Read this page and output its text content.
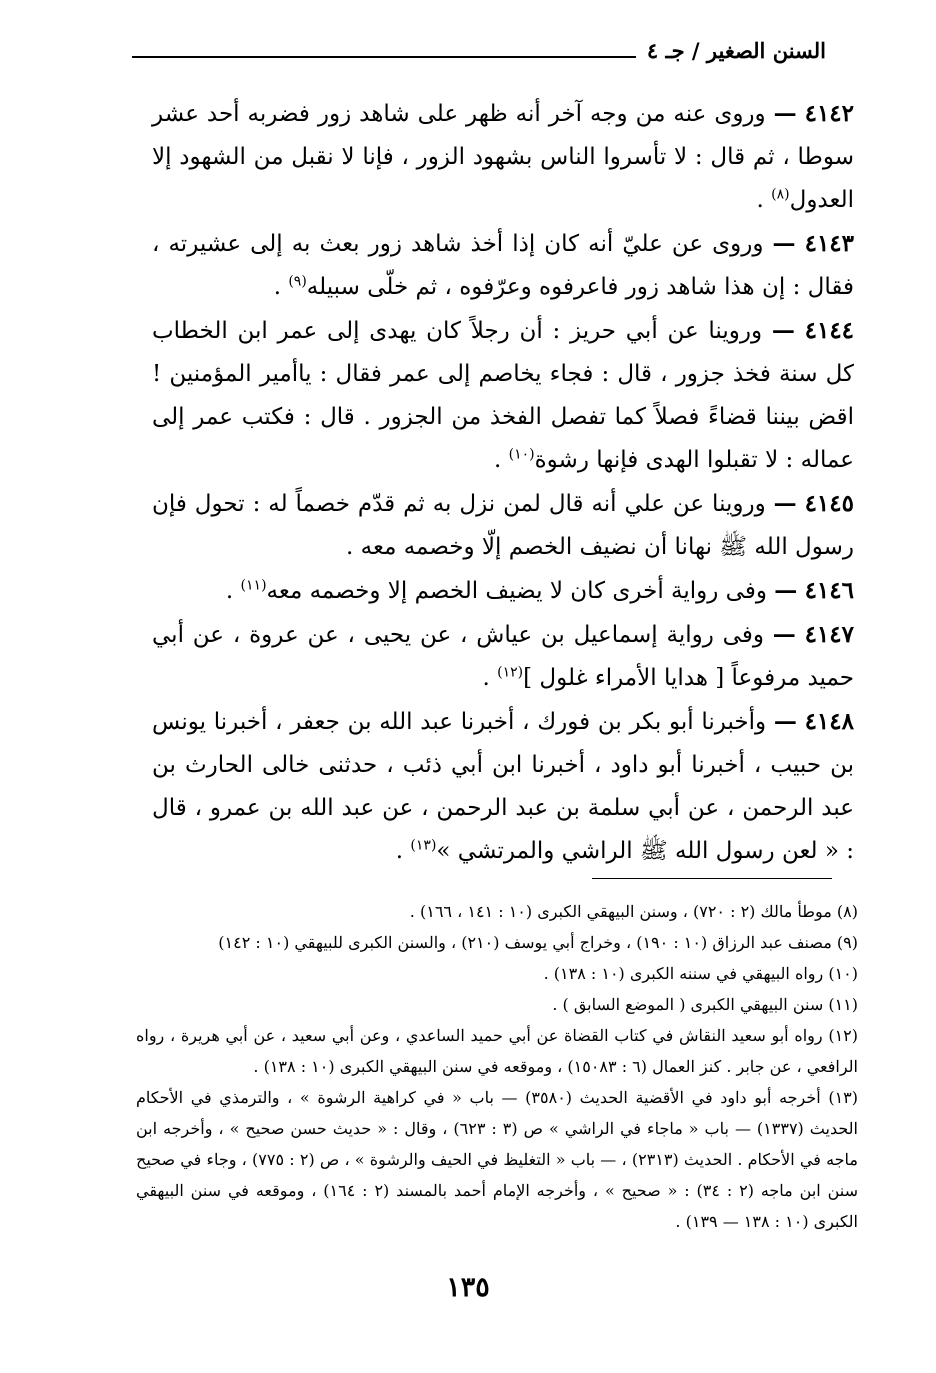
السنن الصغير / جـ ٤

٤١٤٢ — وروى عنه من وجه آخر أنه ظهر على شاهد زور فضربه أحد عشر سوطا ، ثم قال : لا تأسروا الناس بشهود الزور ، فإنا لا نقبل من الشهود إلا العدول$^{(٨)}$ .

٤١٤٣ — وروى عن عليّ أنه كان إذا أخذ شاهد زور بعث به إلى عشيرته ، فقال : إن هذا شاهد زور فاعرفوه وعرّفوه ، ثم خلّى سبيله$^{(٩)}$ .

٤١٤٤ — وروينا عن أبي حريز : أن رجلاً كان يهدى إلى عمر ابن الخطاب كل سنة فخذ جزور ، قال : فجاء يخاصم إلى عمر فقال : ياأمير المؤمنين ! اقض بيننا قضاءً فصلاً كما تفصل الفخذ من الجزور . قال : فكتب عمر إلى عماله : لا تقبلوا الهدى فإنها رشوة$^{(١٠)}$ .

٤١٤٥ — وروينا عن علي أنه قال لمن نزل به ثم قدّم خصماً له : تحول فإن رسول الله ﷺ نهانا أن نضيف الخصم إلّا وخصمه معه .

٤١٤٦ — وفى رواية أخرى كان لا يضيف الخصم إلا وخصمه معه$^{(١١)}$ .

٤١٤٧ — وفى رواية إسماعيل بن عياش ، عن يحيى ، عن عروة ، عن أبي حميد مرفوعاً [ هدايا الأمراء غلول ]$^{(١٢)}$ .

٤١٤٨ — وأخبرنا أبو بكر بن فورك ، أخبرنا عبد الله بن جعفر ، أخبرنا يونس بن حبيب ، أخبرنا أبو داود ، أخبرنا ابن أبي ذئب ، حدثنى خالى الحارث بن عبد الرحمن ، عن أبي سلمة بن عبد الرحمن ، عن عبد الله بن عمرو ، قال : « لعن رسول الله ﷺ الراشي والمرتشي »$^{(١٣)}$ .

(٨) موطأ مالك (٢ : ٧٢٠) ، وسنن البيهقي الكبرى (١٠ : ١٤١ ، ١٦٦) .

(٩) مصنف عبد الرزاق (١٠ : ١٩٠) ، وخراج أبي يوسف (٢١٠) ، والسنن الكبرى للبيهقي (١٠ : ١٤٢)

(١٠) رواه البيهقي في سننه الكبرى (١٠ : ١٣٨) .

(١١) سنن البيهقي الكبرى ( الموضع السابق ) .

(١٢) رواه أبو سعيد النقاش في كتاب القضاة عن أبي حميد الساعدي ، وعن أبي سعيد ، عن أبي هريرة ، رواه الرافعي ، عن جابر . كنز العمال (٦ : ١٥٠٨٣) ، وموقعه في سنن البيهقي الكبرى (١٠ : ١٣٨) .

(١٣) أخرجه أبو داود في الأقضية الحديث (٣٥٨٠) — باب « في كراهية الرشوة » ، والترمذي في الأحكام الحديث (١٣٣٧) — باب « ماجاء في الراشي » ص (٣ : ٦٢٣) ، وقال : « حديث حسن صحيح » ، وأخرجه ابن ماجه في الأحكام . الحديث (٢٣١٣) ، — باب « التغليظ في الحيف والرشوة » ، ص (٢ : ٧٧٥) ، وجاء في صحيح سنن ابن ماجه (٢ : ٣٤) : « صحيح » ، وأخرجه الإمام أحمد بالمسند (٢ : ١٦٤) ، وموقعه في سنن البيهقي الكبرى (١٠ : ١٣٨ — ١٣٩) .

١٣٥
